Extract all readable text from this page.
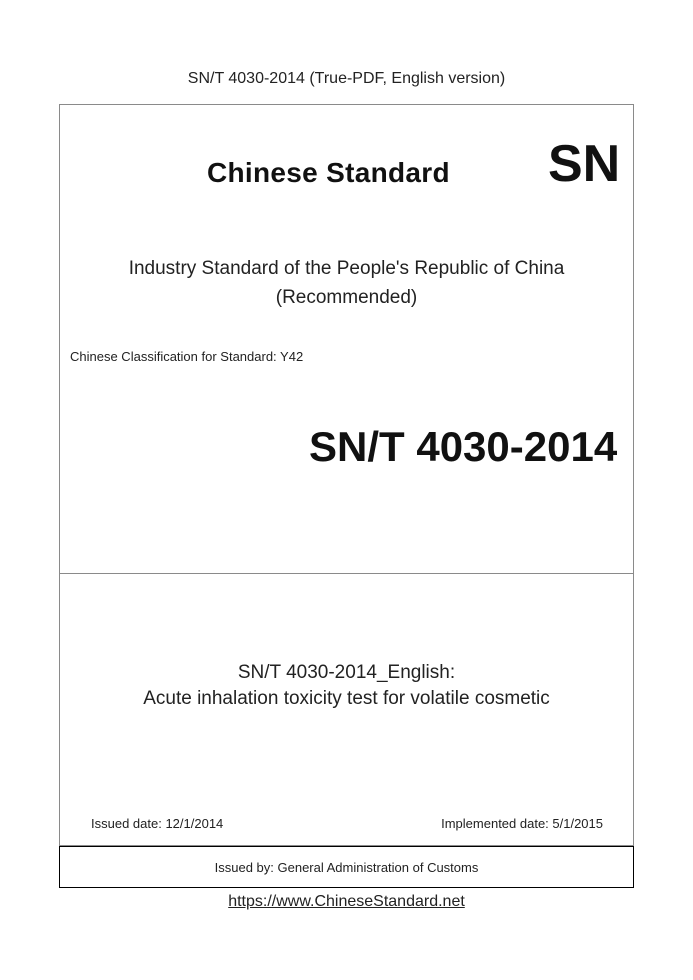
SN/T 4030-2014 (True-PDF, English version)
Chinese Standard SN
Industry Standard of the People's Republic of China
(Recommended)
Chinese Classification for Standard: Y42
SN/T 4030-2014
SN/T 4030-2014_English:
Acute inhalation toxicity test for volatile cosmetic
Issued date: 12/1/2014	Implemented date: 5/1/2015
Issued by: General Administration of Customs
https://www.ChineseStandard.net
